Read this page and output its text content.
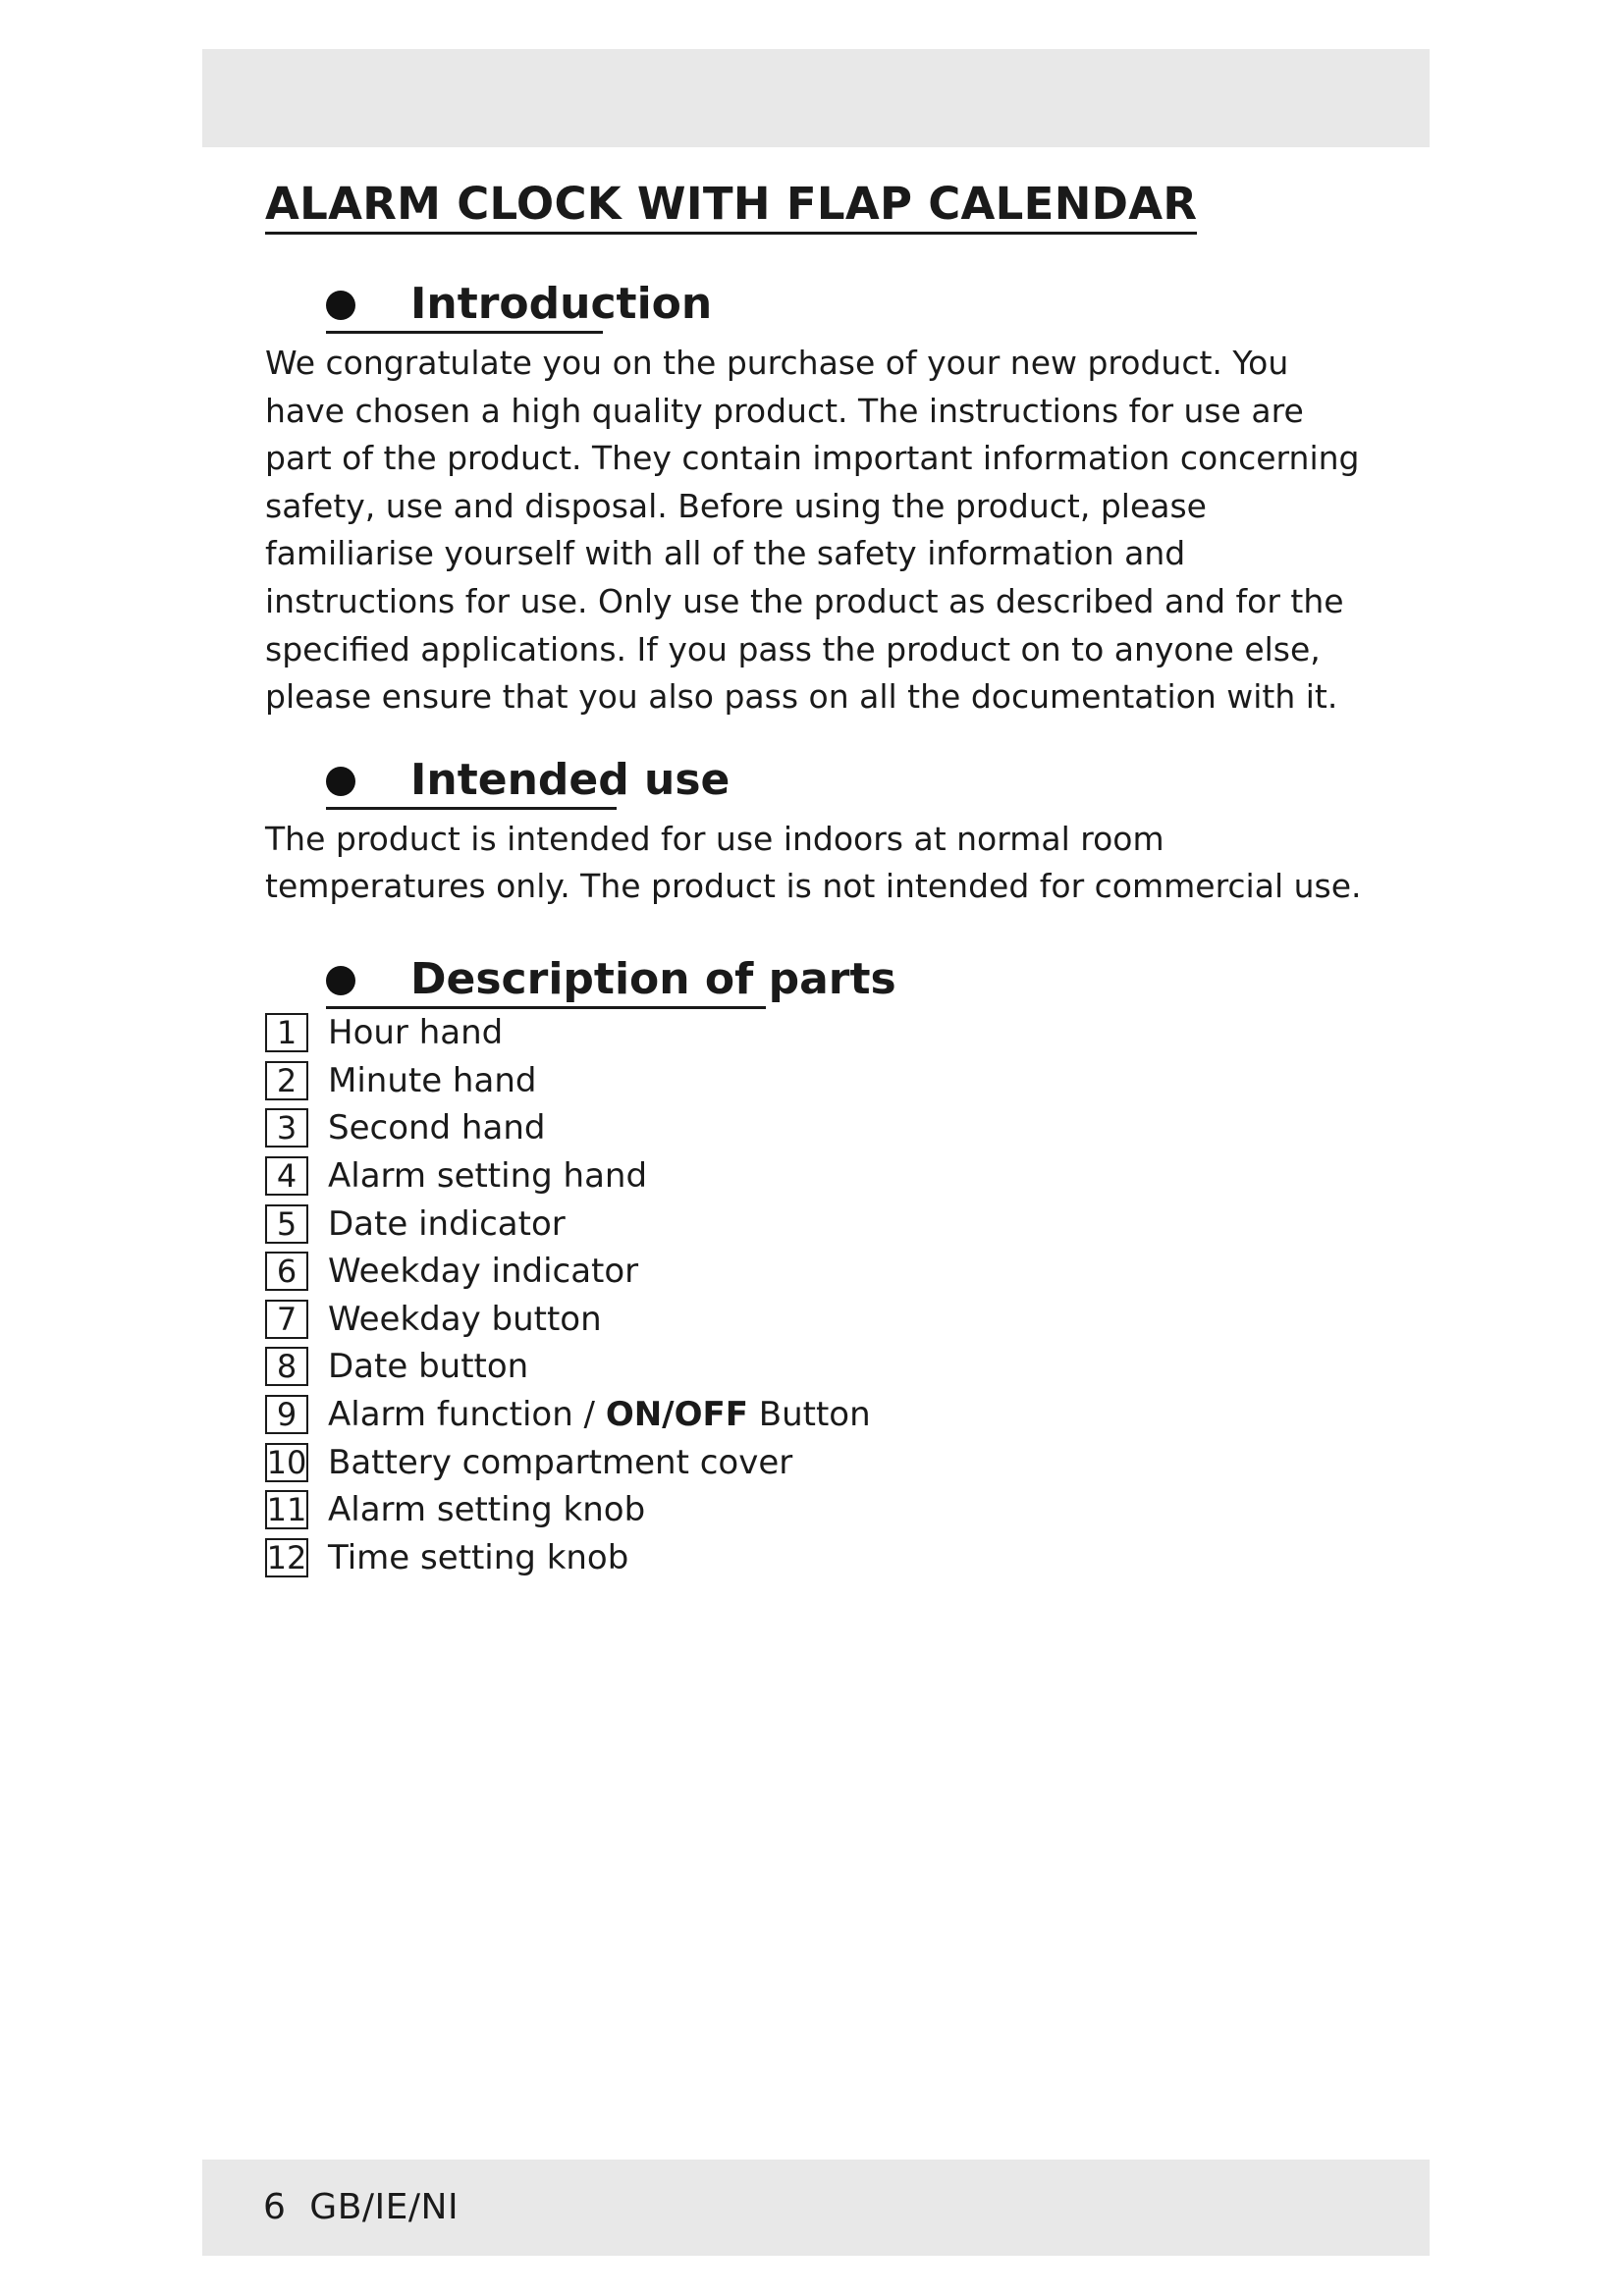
ALARM CLOCK WITH FLAP CALENDAR
Introduction

We congratulate you on the purchase of your new product. You have chosen a high quality product. The instructions for use are part of the product. They contain important information concerning safety, use and disposal. Before using the product, please familiarise yourself with all of the safety information and instructions for use. Only use the product as described and for the specified applications. If you pass the product on to anyone else, please ensure that you also pass on all the documentation with it.

Intended use

The product is intended for use indoors at normal room temperatures only. The product is not intended for commercial use.

Description of parts
1 Hour hand
2 Minute hand
3 Second hand
4 Alarm setting hand
5 Date indicator
6 Weekday indicator
7 Weekday button
8 Date button
9 Alarm function / ON/OFF Button
10 Battery compartment cover
11 Alarm setting knob
12 Time setting knob
6 GB/IE/NI
